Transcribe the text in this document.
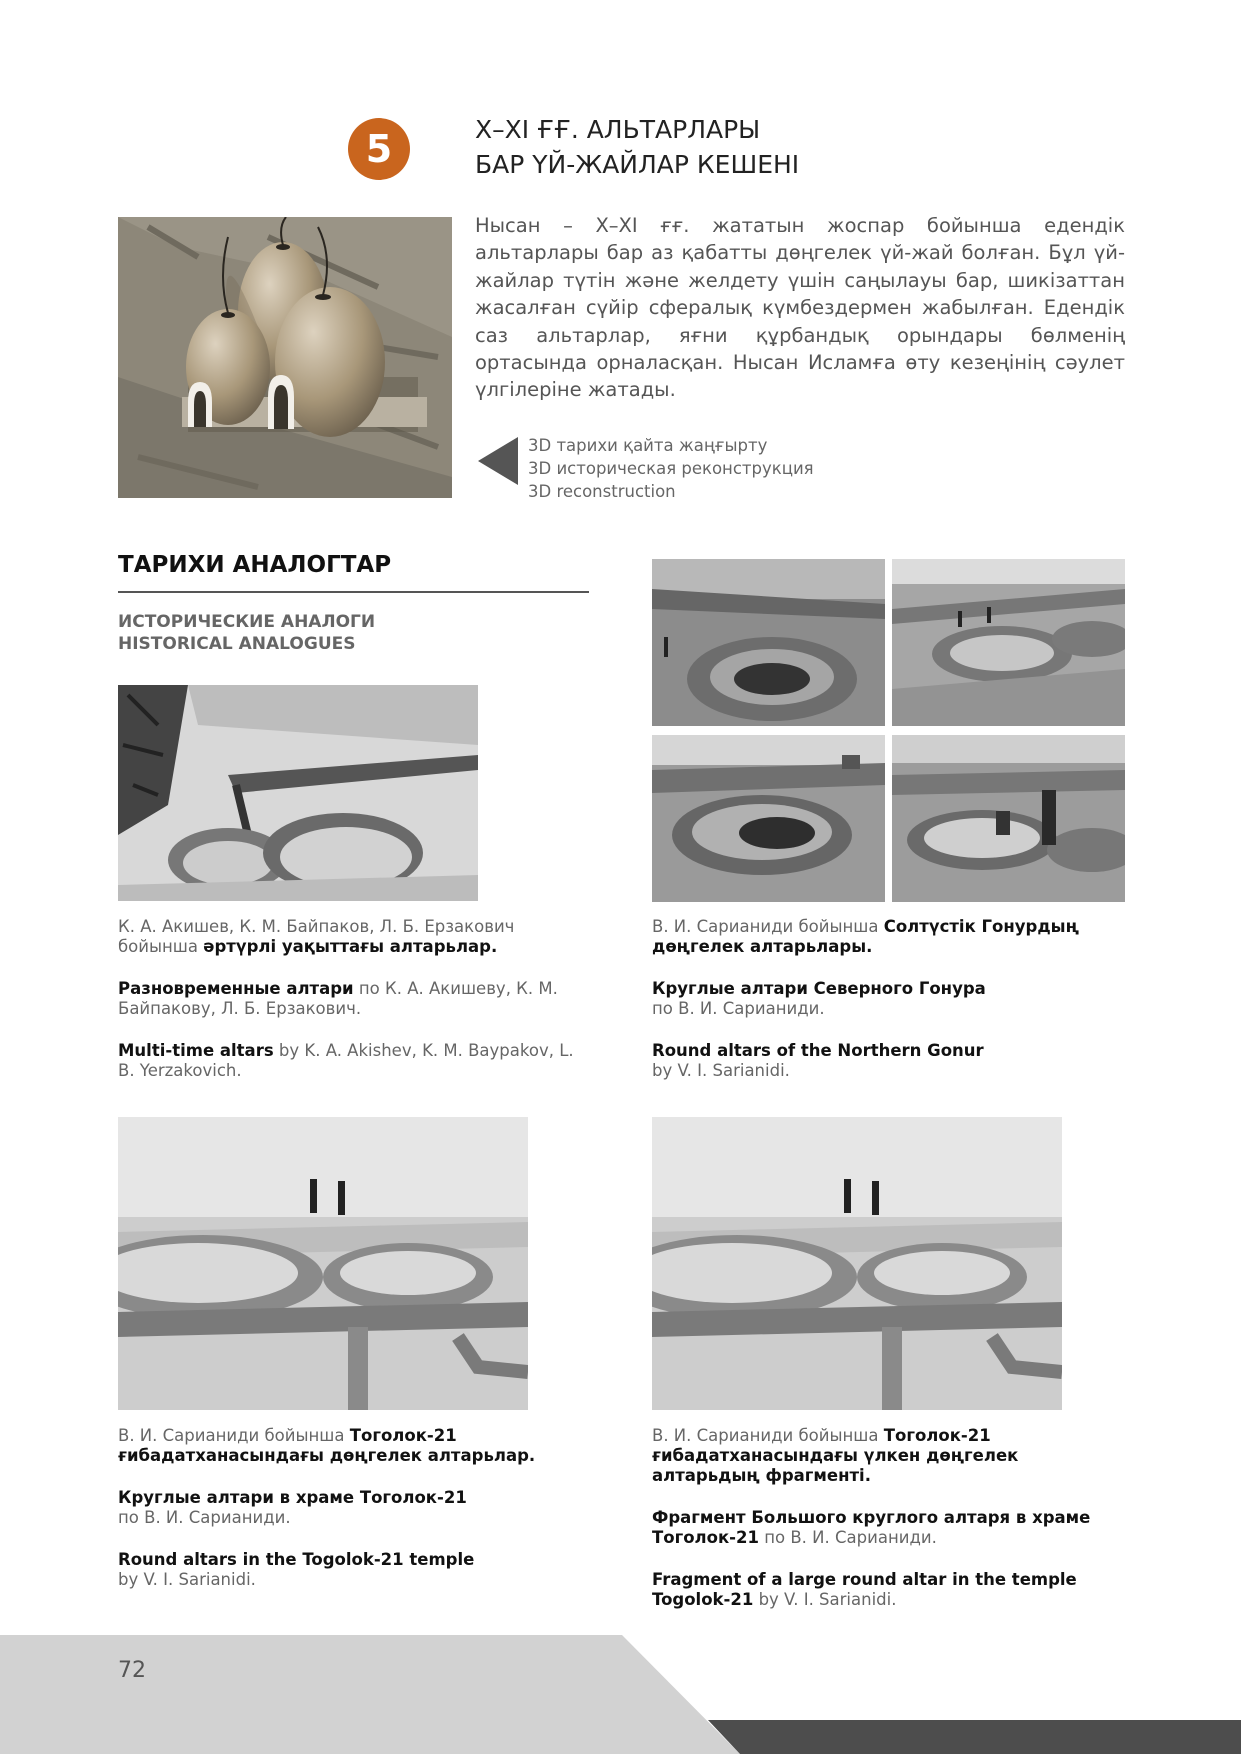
5	X–XI ҒҒ. АЛЬТАРЛАРЫ
БАР ҮЙ-ЖАЙЛАР КЕШЕНІ
Нысан – X–XI ғғ. жататын жоспар бойынша едендік альтарлары бар аз қабатты дөңгелек үй-жай болған. Бұл үй-жайлар түтін және желдету үшін саңылауы бар, шикізаттан жасалған сүйір сфералық күмбездермен жабылған. Едендік саз альтарлар, яғни құрбандық орындары бөлменің ортасында орналасқан. Нысан Исламға өту кезеңінің сәулет үлгілеріне жатады.
3D тарихи қайта жаңғырту
3D историческая реконструкция
3D reconstruction
ТАРИХИ АНАЛОГТАР
ИСТОРИЧЕСКИЕ АНАЛОГИ
HISTORICAL ANALOGUES

К. А. Акишев, К. М. Байпаков, Л. Б. Ерзакович бойынша әртүрлі уақыттағы алтарьлар.

Разновременные алтари по К. А. Акишеву, К. М. Байпакову, Л. Б. Ерзакович.

Multi-time altars by K. A. Akishev, K. M. Baypakov, L. B. Yerzakovich.

В. И. Сарианиди бойынша Солтүстік Гонурдың дөңгелек алтарьлары.

Круглые алтари Северного Гонура
по В. И. Сарианиди.

Round altars of the Northern Gonur
by V. I. Sarianidi.

В. И. Сарианиди бойынша Тоголок-21 ғибадатханасындағы дөңгелек алтарьлар.

Круглые алтари в храме Тоголок-21
по В. И. Сарианиди.

Round altars in the Togolok-21 temple
by V. I. Sarianidi.

В. И. Сарианиди бойынша Тоголок-21 ғибадатханасындағы үлкен дөңгелек алтарьдың фрагменті.

Фрагмент Большого круглого алтаря в храме Тоголок-21 по В. И. Сарианиди.

Fragment of a large round altar in the temple Togolok-21 by V. I. Sarianidi.

72
